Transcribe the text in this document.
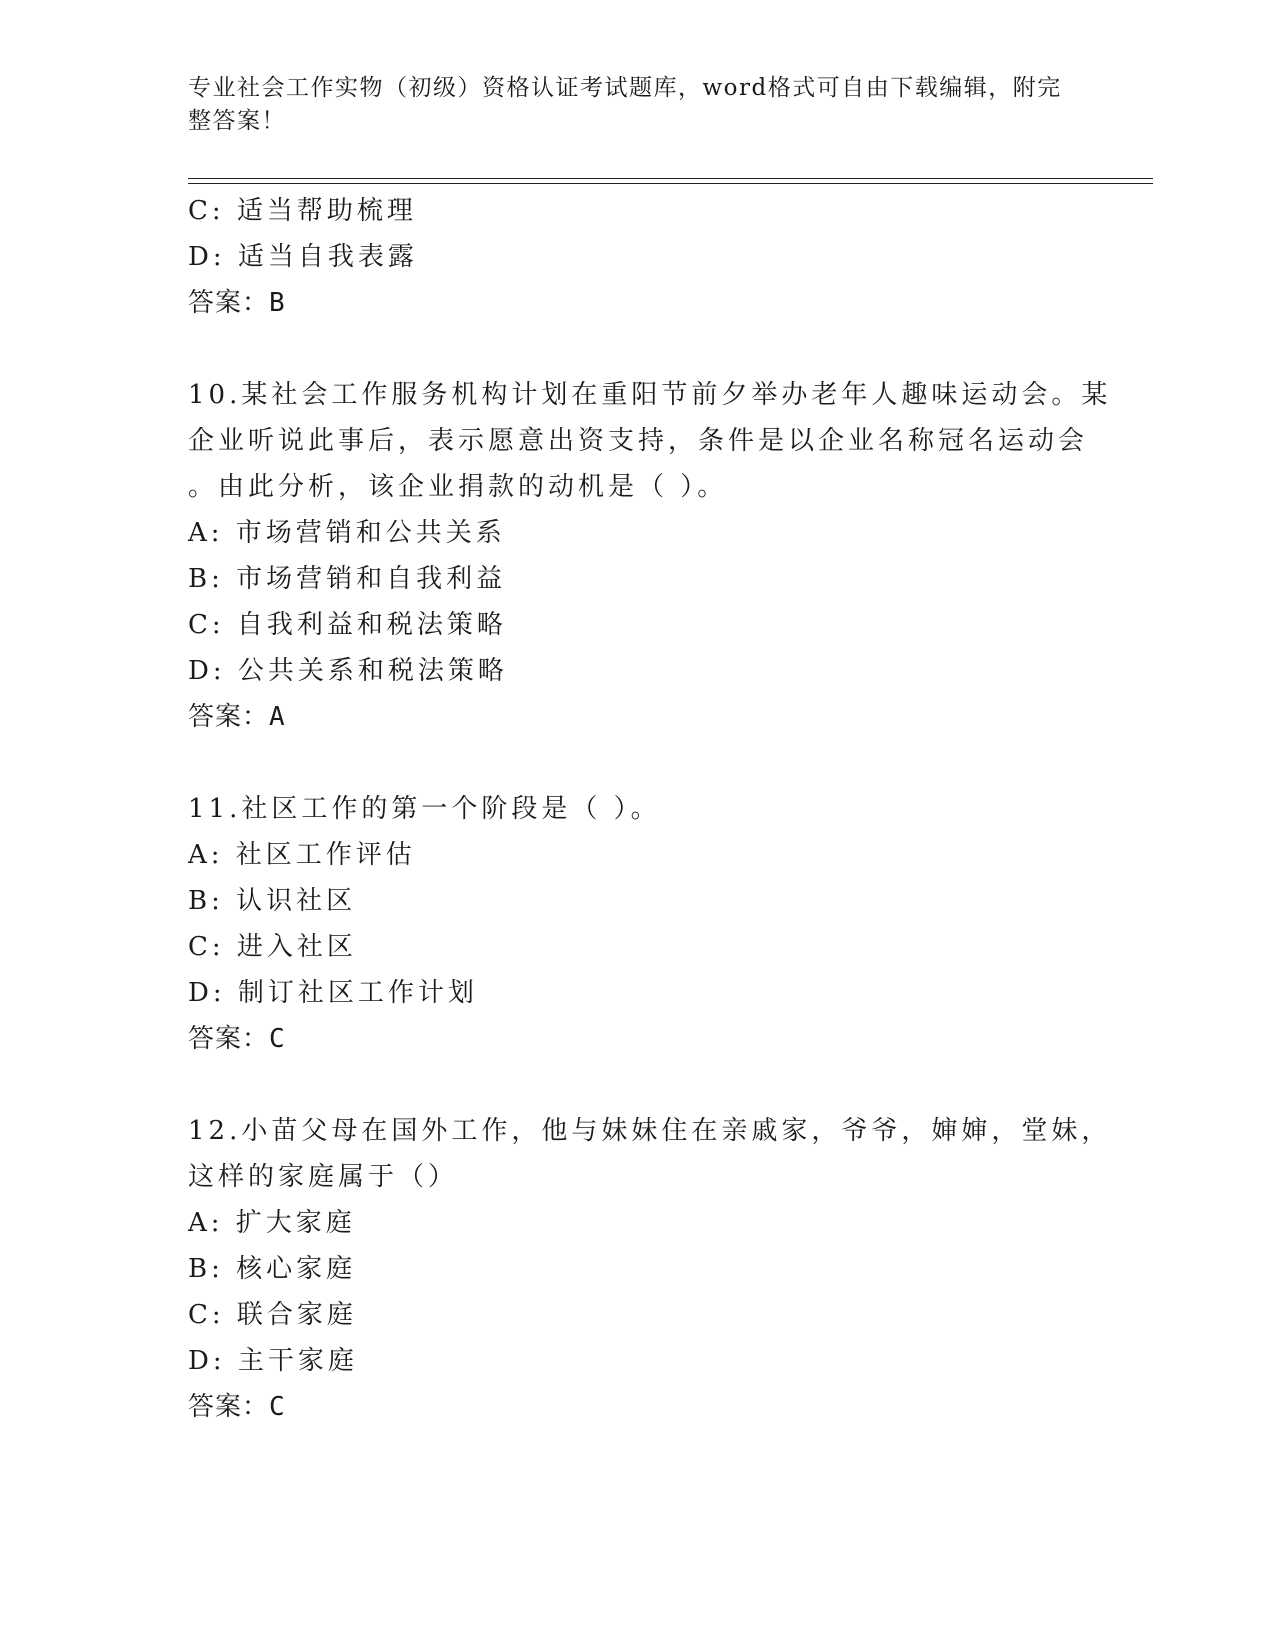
专业社会工作实物（初级）资格认证考试题库，word格式可自由下载编辑，附完
整答案！
C: 适当帮助梳理
D: 适当自我表露
答案：B
10.某社会工作服务机构计划在重阳节前夕举办老年人趣味运动会。某
企业听说此事后，表示愿意出资支持，条件是以企业名称冠名运动会
。由此分析，该企业捐款的动机是（ ）。
A: 市场营销和公共关系
B: 市场营销和自我利益
C: 自我利益和税法策略
D: 公共关系和税法策略
答案：A
11.社区工作的第一个阶段是（ ）。
A: 社区工作评估
B: 认识社区
C: 进入社区
D: 制订社区工作计划
答案：C
12.小苗父母在国外工作，他与妹妹住在亲戚家，爷爷，婶婶，堂妹，
这样的家庭属于（）
A: 扩大家庭
B: 核心家庭
C: 联合家庭
D: 主干家庭
答案：C
